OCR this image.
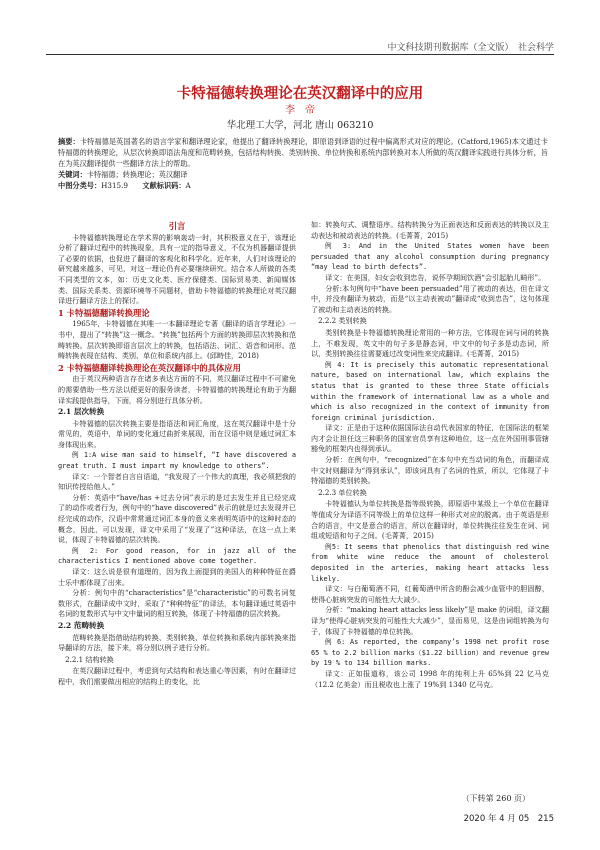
中文科技期刊数据库（全文版）　社会科学
卡特福德转换理论在英汉翻译中的应用
李　帝
华北理工大学，河北 唐山 063210
摘要：卡特福德是英国著名的语言学家和翻译理论家，他提出了翻译转换理论，即原语到译语的过程中偏离形式对应的理论。(Catford,1965)本文通过卡特福德的转换理论，从层次转换即语法角度和范畴转换，包括结构转换、类别转换、单位转换和系统内部转换对本人所做的英汉翻译实践进行具体分析，旨在为英汉翻译提供一些翻译方法上的帮助。
关键词：卡特福德；转换理论；英汉翻译
中图分类号：H315.9　　 文献标识码：A
引言

卡特福德转换理论在学术界的影响轰动一时，其积极意义在于，该理论分析了翻译过程中的转换现象，具有一定的指导意义，不仅为机器翻译提供了必要的依据，也促进了翻译的客观化和科学化。近年来，人们对该理论的研究越来越多，可见，对这一理论仍有必要继续研究。结合本人所做的各类不同类型的文本，如：历史文化类、医疗保健类、国际贸易类、新闻媒体类、国际关系类、资源环境等不同题材，借助卡特福德的转换理论对英汉翻译进行翻译方法上的探讨。

1 卡特福德翻译转换理论

1965年，卡特福德在其唯一一本翻译理论专著《翻译的语言学理论》一书中，提出了“转换”这一概念。“转换”包括两个方面的转换即层次转换和范畴转换。层次转换即语言层次上的转换，包括语法、词汇、语音和词形。范畴转换表现在结构、类别、单位和系统内部上。(邱畤佳，2018)

2 卡特福德翻译转换理论在英汉翻译中的具体应用

由于英汉两种语言存在诸多表达方面的不同，英汉翻译过程中不可避免的需要借助一些方法以便更好的服务读者，卡特福德的转换理论有助于为翻译实践提供指导，下面，将分别进行具体分析。

2.1 层次转换

卡特福德的层次转换主要是指语法和词汇角度，这在英汉翻译中是十分常见的，英语中，单词的变化通过曲折来展现，而在汉语中则是通过词汇本身体现出来。

例 1:A wise man said to himself, “I have discovered a great truth. I must impart my knowledge to others”.

译文：一个智者自言自语道，“我发现了一个伟大的真理，我必须把我的知识传授给他人。”

分析：英语中“have/has +过去分词”表示的是过去发生并且已经完成了的动作或者行为，例句中的“have discovered”表示的就是过去发现并已经完成的动作，汉语中常常通过词汇本身的意义来表明英语中的这种时态的概念，因此，可以发现，译文中采用了“发现了”这种译法，在这一点上来说，体现了卡特福德的层次转换。

例 2: For good reason, for in jazz all of the characteristics I mentioned above come together.

译文：这么说是很有道理的，因为我上面提到的美国人的种种特征在爵士乐中都体现了出来。

分析：例句中的“characteristics”是“characteristic”的可数名词复数形式，在翻译成中文时，采取了“种种特征”的译法，本句翻译通过英语中名词的复数形式与中文中量词的相互转换，体现了卡特福德的层次转换。

2.2 范畴转换

范畴转换是指借助结构转换、类别转换、单位转换和系统内部转换来指导翻译的方法，接下来，将分别以例子进行分析。

2.2.1 结构转换

在英汉翻译过程中，考虑到句式结构和表达重心等因素，有时在翻译过程中，我们需要做出相应的结构上的变化，比

如：转换句式、调整语序。结构转换分为正面表达和反面表达的转换以及主动表达和被动表达的转换。(毛菁菁，2015)

例 3: And in the United States women have been persuaded that any alcohol consumption during pregnancy “may lead to birth defects”.

译文：在美国，妇女会收到忠告，说怀孕期间饮酒“会引起胎儿畸形”。

分析:本句例句中“have been persuaded”用了被动的表达，但在译文中，并没有翻译为被动，而是“以主动表被动”翻译成“收到忠告”，这句体现了被动和主动表达的转换。

2.2.2 类别转换

类别转换是卡特福德转换理论常用的一种方法，它体现在词与词的转换上，不难发现，英文中的句子多是静态词，中文中的句子多是动态词，所以，类别转换往往需要通过改变词性来完成翻译。(毛菁菁，2015)

例 4: It is precisely this automatic representational nature, based on international law, which explains the status that is granted to these three State officials within the framework of international law as a whole and which is also recognized in the context of immunity from foreign criminal jurisdiction.

译文：正是由于这种依据国际法自动代表国家的特征，在国际法的框架内才会让担任这三种职务的国家官员享有这种地位，这一点在外国刑事管辖豁免的框架内也得到承认。

分析：在例句中，“recognized”在本句中充当动词的角色，而翻译成中文时则翻译为“得到承认”，即该词具有了名词的性质，所以，它体现了卡特福德的类别转换。

2.2.3 单位转换

卡特福德认为单位转换是指等级转换，即原语中某级上一个单位在翻译等值成分为译语不同等级上的单位这样一种形式对应的脱离。由于英语是形合的语言，中文是意合的语言，所以在翻译时，单位转换往往发生在词、词组或短语和句子之间。(毛菁菁，2015)

例5: It seems that phenolics that distinguish red wine from white wine reduce the amount of cholesterol deposited in the arteries, making heart attacks less likely.

译文：与白葡萄酒不同，红葡萄酒中所含的酚会减少血管中的胆固醇，使得心脏病突发的可能性大大减少。

分析：“making heart attacks less likely”是 make 的词组，译文翻译为“使得心脏病突发的可能性大大减少”，显而易见，这是由词组转换为句子，体现了卡特福德的单位转换。

例 6: As reported, the company’s 1998 net profit rose 65 % to 2.2 billion marks（$1.22 billion）and revenue grew by 19 % to 134 billion marks.

译文：正如报道称，该公司 1998 年的纯利上升 65%到 22 亿马克（12.2 亿美金）而且税收也上涨了 19%到 1340 亿马克。

（下转第 260 页）
2020 年 4 月 05　215
